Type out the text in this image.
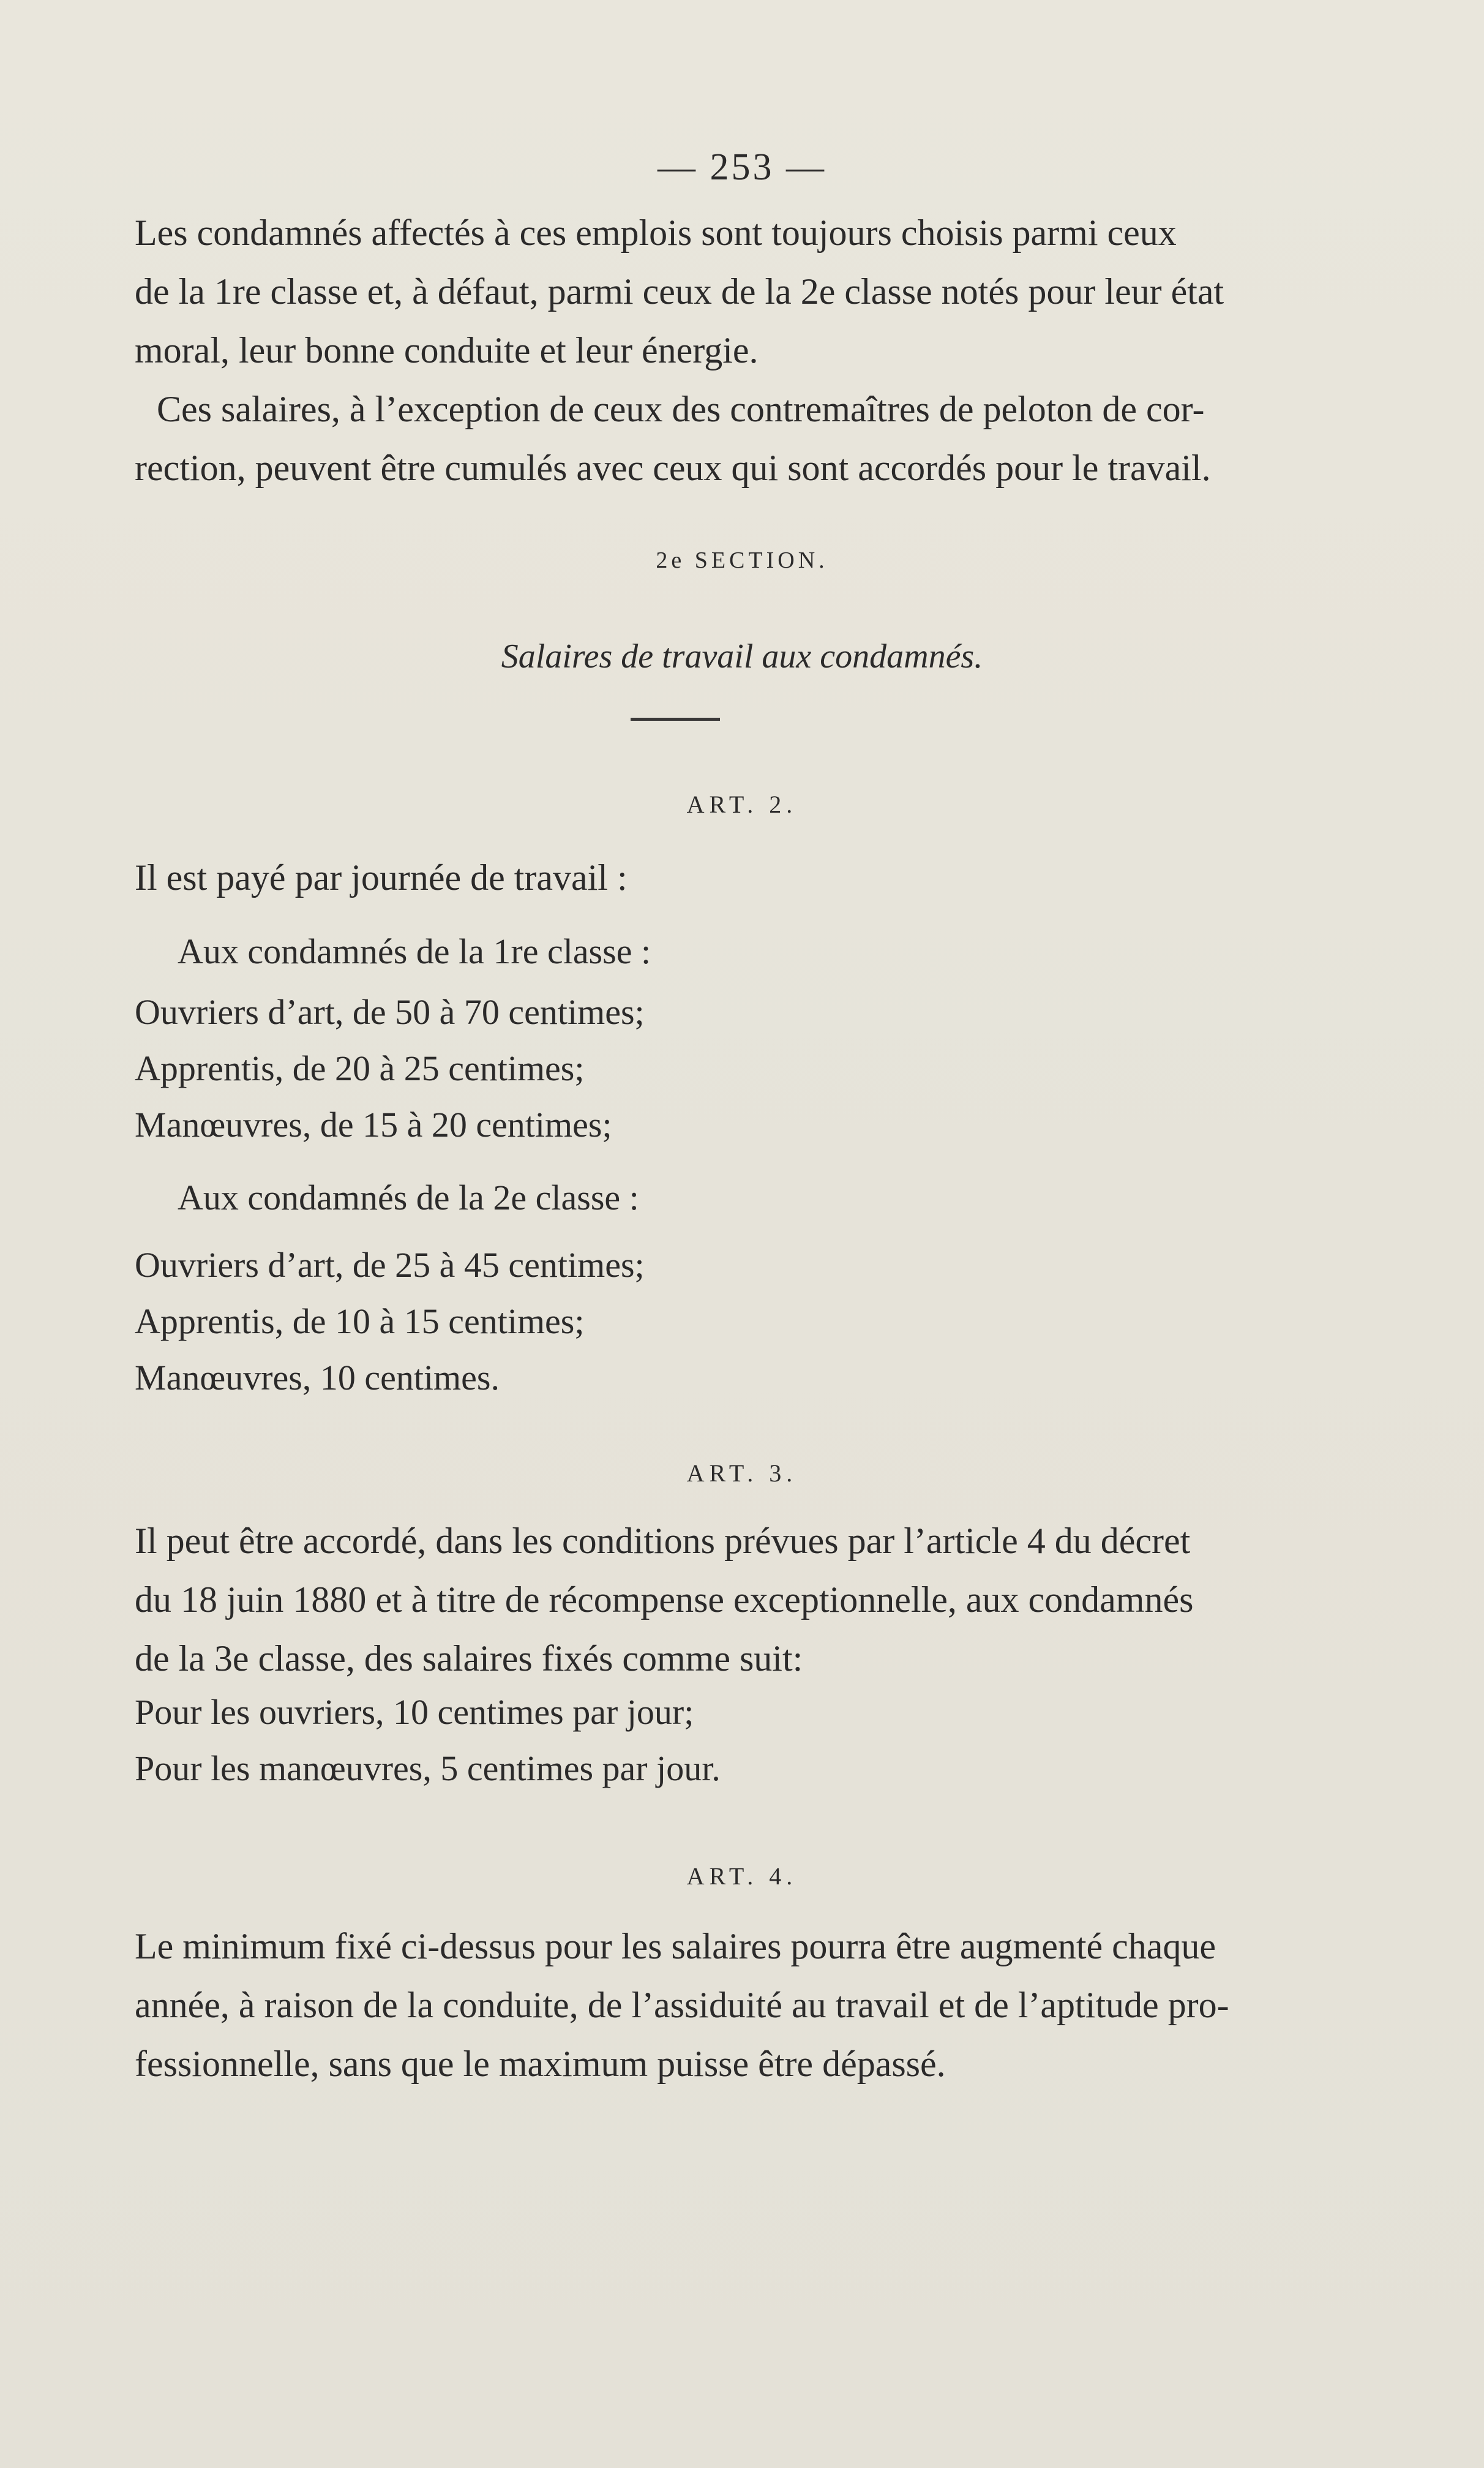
— 253 —

Les condamnés affectés à ces emplois sont toujours choisis parmi ceux

de la 1re classe et, à défaut, parmi ceux de la 2e classe notés pour leur état

moral, leur bonne conduite et leur énergie.

Ces salaires, à l’exception de ceux des contremaîtres de peloton de cor-

rection, peuvent être cumulés avec ceux qui sont accordés pour le travail.

2e SECTION.
Salaires de travail aux condamnés.
ART. 2.
Il est payé par journée de travail :
Aux condamnés de la 1re classe :

Ouvriers d’art, de 50 à 70 centimes;

Apprentis, de 20 à 25 centimes;

Manœuvres, de 15 à 20 centimes;

Aux condamnés de la 2e classe :

Ouvriers d’art, de 25 à 45 centimes;

Apprentis, de 10 à 15 centimes;

Manœuvres, 10 centimes.

ART. 3.

Il peut être accordé, dans les conditions prévues par l’article 4 du décret

du 18 juin 1880 et à titre de récompense exceptionnelle, aux condamnés

de la 3e classe, des salaires fixés comme suit:

Pour les ouvriers, 10 centimes par jour;

Pour les manœuvres, 5 centimes par jour.

ART. 4.

Le minimum fixé ci-dessus pour les salaires pourra être augmenté chaque

année, à raison de la conduite, de l’assiduité au travail et de l’aptitude pro-

fessionnelle, sans que le maximum puisse être dépassé.
